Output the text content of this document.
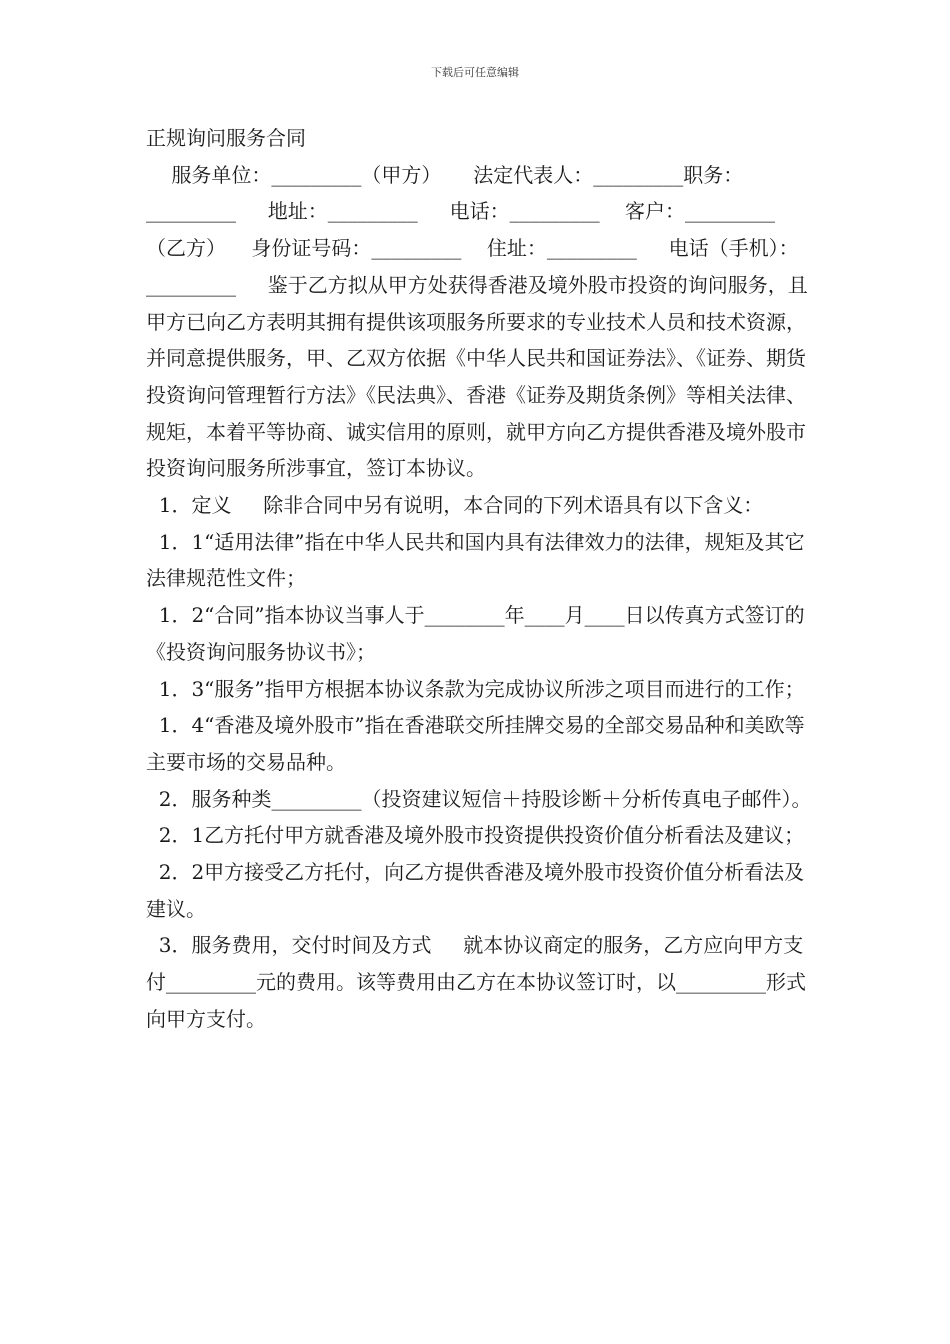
下载后可任意编辑

正规询问服务合同

服务单位：_________（甲方）     法定代表人：_________职务：_________     地址：_________     电话：_________    客户：_________（乙方）    身份证号码：_________    住址：_________     电话（手机）：_________     鉴于乙方拟从甲方处获得香港及境外股市投资的询问服务，且甲方已向乙方表明其拥有提供该项服务所要求的专业技术人员和技术资源，并同意提供服务，甲、乙双方依据《中华人民共和国证券法》、《证券、期货投资询问管理暂行方法》《民法典》、香港《证券及期货条例》等相关法律、规矩，本着平等协商、诚实信用的原则，就甲方向乙方提供香港及境外股市投资询问服务所涉事宜，签订本协议。

1．定义     除非合同中另有说明，本合同的下列术语具有以下含义：

1．1“适用法律”指在中华人民共和国内具有法律效力的法律，规矩及其它法律规范性文件；

1．2“合同”指本协议当事人于________年____月____日以传真方式签订的《投资询问服务协议书》；

1．3“服务”指甲方根据本协议条款为完成协议所涉之项目而进行的工作；

1．4“香港及境外股市”指在香港联交所挂牌交易的全部交易品种和美欧等主要市场的交易品种。

2．服务种类_________（投资建议短信＋持股诊断＋分析传真电子邮件）。

2．1乙方托付甲方就香港及境外股市投资提供投资价值分析看法及建议；

2．2甲方接受乙方托付，向乙方提供香港及境外股市投资价值分析看法及建议。

3．服务费用，交付时间及方式     就本协议商定的服务，乙方应向甲方支付_________元的费用。该等费用由乙方在本协议签订时，以_________形式向甲方支付。
